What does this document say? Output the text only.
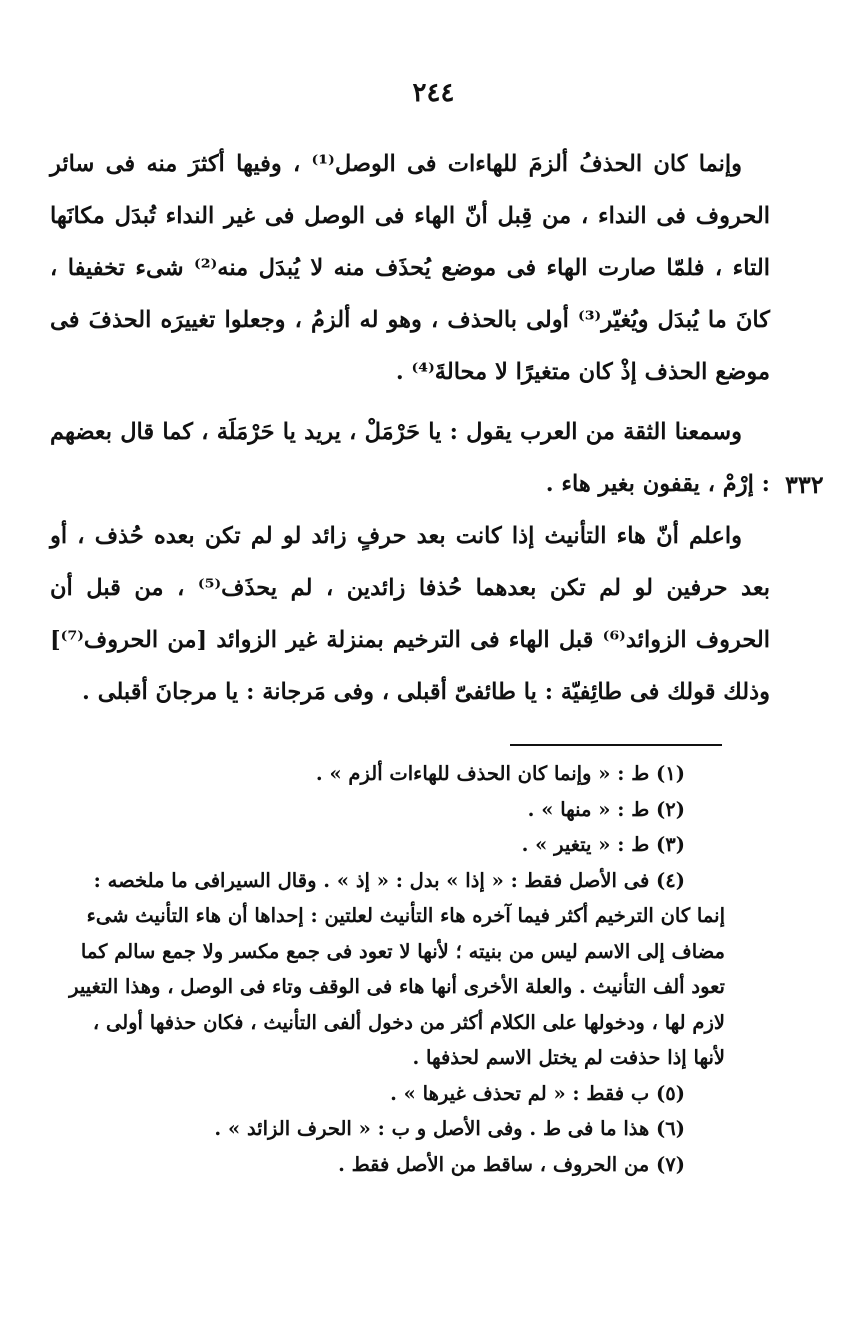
٢٤٤

وإنما كان الحذفُ ألزمَ للهاءات فى الوصل⁽¹⁾ ، وفيها أكثرَ منه فى سائر الحروف فى النداء ، من قِبل أنّ الهاء فى الوصل فى غير النداء تُبدَل مكانَها التاء ، فلمّا صارت الهاء فى موضع يُحذَف منه لا يُبدَل منه⁽²⁾ شىء تخفيفا ، كانَ ما يُبدَل ويُغيّر⁽³⁾ أولى بالحذف ، وهو له ألزمُ ، وجعلوا تغييرَه الحذفَ فى موضع الحذف إذْ كان متغيرًا لا محالةَ⁽⁴⁾ .

وسمعنا الثقة من العرب يقول : يا حَرْمَلْ ، يريد يا حَرْمَلَة ، كما قال بعضهم : إرْمْ ، يقفون بغير هاء .

واعلم أنّ هاء التأنيث إذا كانت بعد حرفٍ زائد لو لم تكن بعده حُذف ، أو بعد حرفين لو لم تكن بعدهما حُذفا زائدين ، لم يحذَف⁽⁵⁾ ، من قبل أن الحروف الزوائد⁽⁶⁾ قبل الهاء فى الترخيم بمنزلة غير الزوائد [من الحروف⁽⁷⁾] وذلك قولك فى طائِفيّة : يا طائفىّ أقبلى ، وفى مَرجانة : يا مرجانَ أقبلى .

٣٣٢

(١) ط : « وإنما كان الحذف للهاءات ألزم » .

(٢) ط : « منها » .

(٣) ط : « يتغير » .

(٤) فى الأصل فقط : « إذا » بدل : « إذ » . وقال السيرافى ما ملخصه :

إنما كان الترخيم أكثر فيما آخره هاء التأنيث لعلتين : إحداها أن هاء التأنيث شىء مضاف إلى الاسم ليس من بنيته ؛ لأنها لا تعود فى جمع مكسر ولا جمع سالم كما تعود ألف التأنيث . والعلة الأخرى أنها هاء فى الوقف وتاء فى الوصل ، وهذا التغيير لازم لها ، ودخولها على الكلام أكثر من دخول ألفى التأنيث ، فكان حذفها أولى ، لأنها إذا حذفت لم يختل الاسم لحذفها .

(٥) ب فقط : « لم تحذف غيرها » .

(٦) هذا ما فى ط . وفى الأصل و ب : « الحرف الزائد » .

(٧) من الحروف ، ساقط من الأصل فقط .
